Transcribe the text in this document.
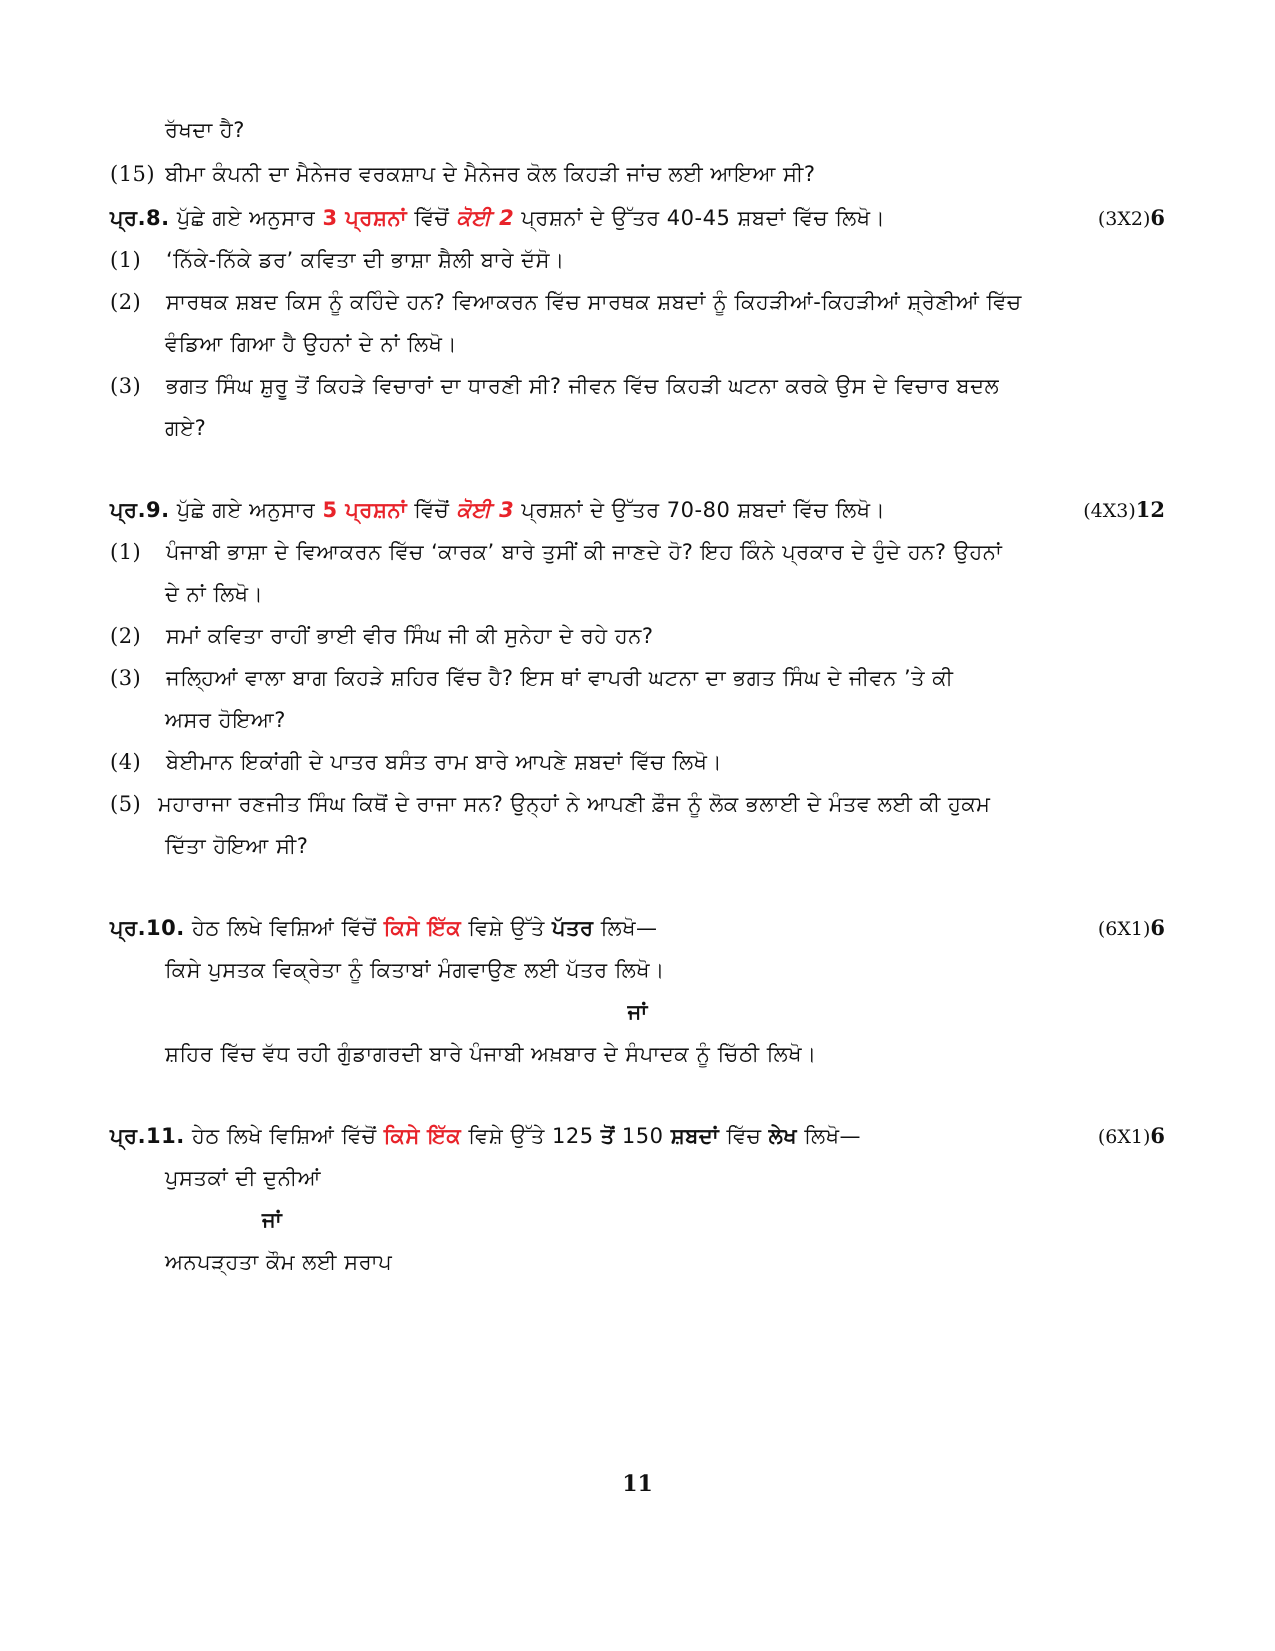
ਰੱਖਦਾ ਹੈ?
(15) ਬੀਮਾ ਕੰਪਨੀ ਦਾ ਮੈਨੇਜਰ ਵਰਕਸ਼ਾਪ ਦੇ ਮੈਨੇਜਰ ਕੋਲ ਕਿਹੜੀ ਜਾਂਚ ਲਈ ਆਇਆ ਸੀ?
ਪ੍ਰ.8. ਪੁੱਛੇ ਗਏ ਅਨੁਸਾਰ 3 ਪ੍ਰਸ਼ਨਾਂ ਵਿੱਚੋਂ ਕੋਈ 2 ਪ੍ਰਸ਼ਨਾਂ ਦੇ ਉੱਤਰ 40-45 ਸ਼ਬਦਾਂ ਵਿੱਚ ਲਿਖੋ।	(3X2)6
(1) ‘ਨਿੱਕੇ-ਨਿੱਕੇ ਡਰ’ ਕਵਿਤਾ ਦੀ ਭਾਸ਼ਾ ਸ਼ੈਲੀ ਬਾਰੇ ਦੱਸੋ।
(2) ਸਾਰਥਕ ਸ਼ਬਦ ਕਿਸ ਨੂੰ ਕਹਿੰਦੇ ਹਨ? ਵਿਆਕਰਨ ਵਿੱਚ ਸਾਰਥਕ ਸ਼ਬਦਾਂ ਨੂੰ ਕਿਹੜੀਆਂ-ਕਿਹੜੀਆਂ ਸ਼੍ਰੇਣੀਆਂ ਵਿੱਚ
ਵੰਡਿਆ ਗਿਆ ਹੈ ਉਹਨਾਂ ਦੇ ਨਾਂ ਲਿਖੋ।
(3) ਭਗਤ ਸਿੰਘ ਸ਼ੁਰੂ ਤੋਂ ਕਿਹੜੇ ਵਿਚਾਰਾਂ ਦਾ ਧਾਰਣੀ ਸੀ? ਜੀਵਨ ਵਿੱਚ ਕਿਹੜੀ ਘਟਨਾ ਕਰਕੇ ਉਸ ਦੇ ਵਿਚਾਰ ਬਦਲ
ਗਏ?
ਪ੍ਰ.9. ਪੁੱਛੇ ਗਏ ਅਨੁਸਾਰ 5 ਪ੍ਰਸ਼ਨਾਂ ਵਿੱਚੋਂ ਕੋਈ 3 ਪ੍ਰਸ਼ਨਾਂ ਦੇ ਉੱਤਰ 70-80 ਸ਼ਬਦਾਂ ਵਿੱਚ ਲਿਖੋ।	(4X3)12
(1) ਪੰਜਾਬੀ ਭਾਸ਼ਾ ਦੇ ਵਿਆਕਰਨ ਵਿੱਚ ‘ਕਾਰਕ’ ਬਾਰੇ ਤੁਸੀਂ ਕੀ ਜਾਣਦੇ ਹੋ? ਇਹ ਕਿੰਨੇ ਪ੍ਰਕਾਰ ਦੇ ਹੁੰਦੇ ਹਨ? ਉਹਨਾਂ
ਦੇ ਨਾਂ ਲਿਖੋ।
(2) ਸਮਾਂ ਕਵਿਤਾ ਰਾਹੀਂ ਭਾਈ ਵੀਰ ਸਿੰਘ ਜੀ ਕੀ ਸੁਨੇਹਾ ਦੇ ਰਹੇ ਹਨ?
(3) ਜਲ੍ਹਿਆਂ ਵਾਲਾ ਬਾਗ ਕਿਹੜੇ ਸ਼ਹਿਰ ਵਿੱਚ ਹੈ? ਇਸ ਥਾਂ ਵਾਪਰੀ ਘਟਨਾ ਦਾ ਭਗਤ ਸਿੰਘ ਦੇ ਜੀਵਨ ’ਤੇ ਕੀ
ਅਸਰ ਹੋਇਆ?
(4) ਬੇਈਮਾਨ ਇਕਾਂਗੀ ਦੇ ਪਾਤਰ ਬਸੰਤ ਰਾਮ ਬਾਰੇ ਆਪਣੇ ਸ਼ਬਦਾਂ ਵਿੱਚ ਲਿਖੋ।
(5) ਮਹਾਰਾਜਾ ਰਣਜੀਤ ਸਿੰਘ ਕਿਥੋਂ ਦੇ ਰਾਜਾ ਸਨ? ਉਨ੍ਹਾਂ ਨੇ ਆਪਣੀ ਫ਼ੌਜ ਨੂੰ ਲੋਕ ਭਲਾਈ ਦੇ ਮੰਤਵ ਲਈ ਕੀ ਹੁਕਮ
ਦਿੱਤਾ ਹੋਇਆ ਸੀ?
ਪ੍ਰ.10. ਹੇਠ ਲਿਖੇ ਵਿਸ਼ਿਆਂ ਵਿੱਚੋਂ ਕਿਸੇ ਇੱਕ ਵਿਸ਼ੇ ਉੱਤੇ ਪੱਤਰ ਲਿਖੋ—	(6X1)6
ਕਿਸੇ ਪੁਸਤਕ ਵਿਕ੍ਰੇਤਾ ਨੂੰ ਕਿਤਾਬਾਂ ਮੰਗਵਾਉਣ ਲਈ ਪੱਤਰ ਲਿਖੋ।
ਜਾਂ
ਸ਼ਹਿਰ ਵਿੱਚ ਵੱਧ ਰਹੀ ਗੁੰਡਾਗਰਦੀ ਬਾਰੇ ਪੰਜਾਬੀ ਅਖ਼ਬਾਰ ਦੇ ਸੰਪਾਦਕ ਨੂੰ ਚਿੱਠੀ ਲਿਖੋ।
ਪ੍ਰ.11. ਹੇਠ ਲਿਖੇ ਵਿਸ਼ਿਆਂ ਵਿੱਚੋਂ ਕਿਸੇ ਇੱਕ ਵਿਸ਼ੇ ਉੱਤੇ 125 ਤੋਂ 150 ਸ਼ਬਦਾਂ ਵਿੱਚ ਲੇਖ ਲਿਖੋ—	(6X1)6
ਪੁਸਤਕਾਂ ਦੀ ਦੁਨੀਆਂ
ਜਾਂ
ਅਨਪੜ੍ਹਤਾ ਕੌਮ ਲਈ ਸਰਾਪ
11
